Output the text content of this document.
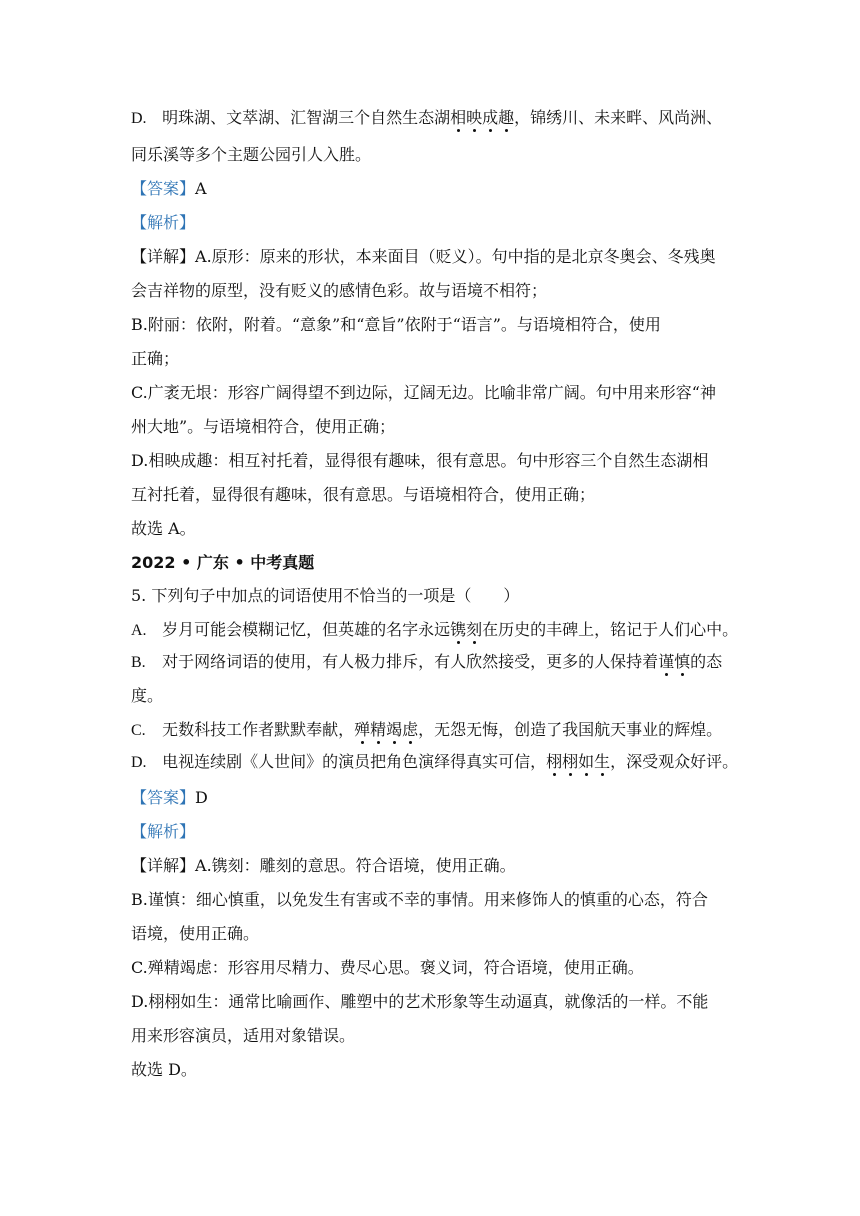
D. 明珠湖、文萃湖、汇智湖三个自然生态湖相映成趣，锦绣川、未来畔、风尚洲、
同乐溪等多个主题公园引人入胜。
【答案】A
【解析】
【详解】A.原形：原来的形状，本来面目（贬义）。句中指的是北京冬奥会、冬残奥
会吉祥物的原型，没有贬义的感情色彩。故与语境不相符；
B.附丽：依附，附着。“意象”和“意旨”依附于“语言”。与语境相符合，使用
正确；
C.广袤无垠：形容广阔得望不到边际，辽阔无边。比喻非常广阔。句中用来形容“神
州大地”。与语境相符合，使用正确；
D.相映成趣：相互衬托着，显得很有趣味，很有意思。句中形容三个自然生态湖相
互衬托着，显得很有趣味，很有意思。与语境相符合，使用正确；
故选 A。
2022 • 广东 • 中考真题
5. 下列句子中加点的词语使用不恰当的一项是（　　）
A. 岁月可能会模糊记忆，但英雄的名字永远镌刻在历史的丰碑上，铭记于人们心中。
B. 对于网络词语的使用，有人极力排斥，有人欣然接受，更多的人保持着谨慎的态
度。
C. 无数科技工作者默默奉献，殚精竭虑，无怨无悔，创造了我国航天事业的辉煌。
D. 电视连续剧《人世间》的演员把角色演绎得真实可信，栩栩如生，深受观众好评。
【答案】D
【解析】
【详解】A.镌刻：雕刻的意思。符合语境，使用正确。
B.谨慎：细心慎重，以免发生有害或不幸的事情。用来修饰人的慎重的心态，符合
语境，使用正确。
C.殚精竭虑：形容用尽精力、费尽心思。褒义词，符合语境，使用正确。
D.栩栩如生：通常比喻画作、雕塑中的艺术形象等生动逼真，就像活的一样。不能
用来形容演员，适用对象错误。
故选 D。
